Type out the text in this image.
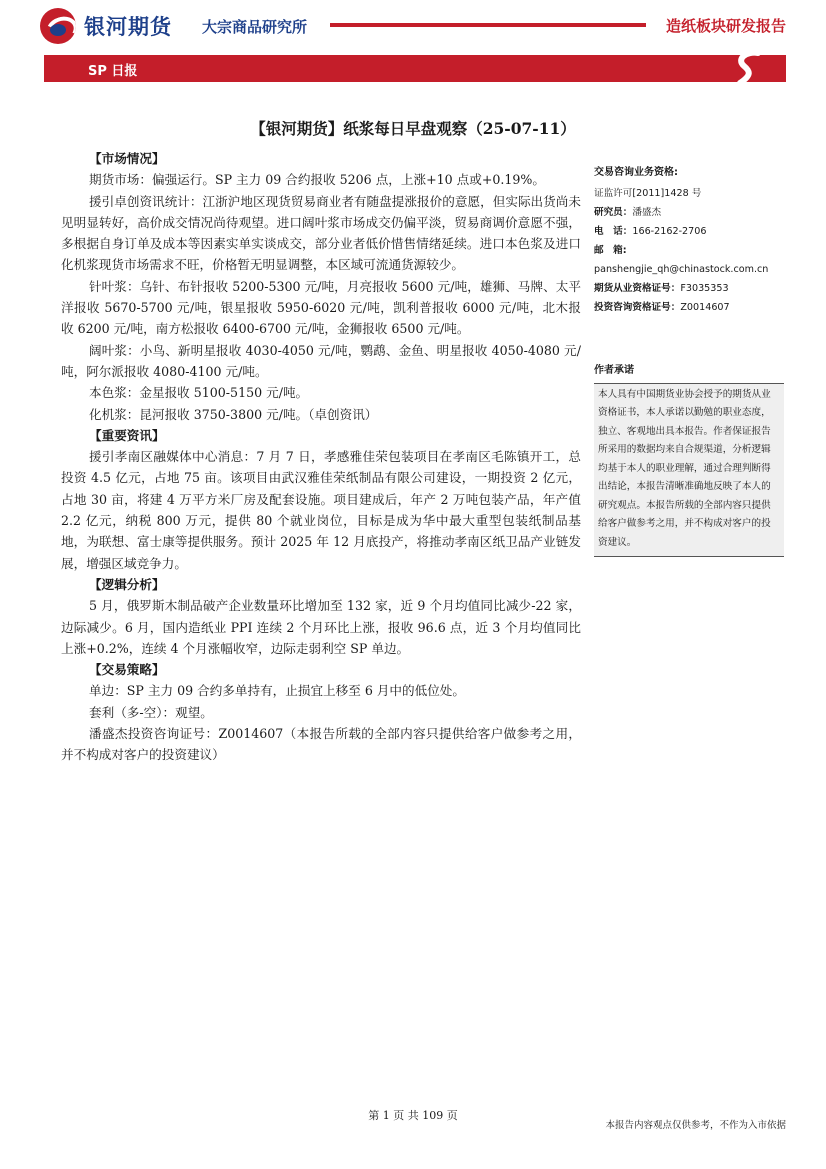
银河期货 大宗商品研究所	造纸板块研发报告
SP 日报
【银河期货】纸浆每日早盘观察（25-07-11）

【市场情况】

期货市场：偏强运行。SP 主力 09 合约报收 5206 点，上涨+10 点或+0.19%。

援引卓创资讯统计：江浙沪地区现货贸易商业者有随盘提涨报价的意愿，但实际出货尚未见明显转好，高价成交情况尚待观望。进口阔叶浆市场成交仍偏平淡，贸易商调价意愿不强，多根据自身订单及成本等因素实单实谈成交，部分业者低价惜售情绪延续。进口本色浆及进口化机浆现货市场需求不旺，价格暂无明显调整，本区域可流通货源较少。

针叶浆：乌针、布针报收 5200-5300 元/吨，月亮报收 5600 元/吨，雄狮、马牌、太平洋报收 5670-5700 元/吨，银星报收 5950-6020 元/吨，凯利普报收 6000 元/吨，北木报收 6200 元/吨，南方松报收 6400-6700 元/吨，金狮报收 6500 元/吨。

阔叶浆：小鸟、新明星报收 4030-4050 元/吨，鹦鹉、金鱼、明星报收 4050-4080 元/吨，阿尔派报收 4080-4100 元/吨。

本色浆：金星报收 5100-5150 元/吨。

化机浆：昆河报收 3750-3800 元/吨。（卓创资讯）

【重要资讯】

援引孝南区融媒体中心消息：7 月 7 日，孝感雅佳荣包装项目在孝南区毛陈镇开工，总投资 4.5 亿元，占地 75 亩。该项目由武汉雅佳荣纸制品有限公司建设，一期投资 2 亿元，占地 30 亩，将建 4 万平方米厂房及配套设施。项目建成后，年产 2 万吨包装产品，年产值 2.2 亿元，纳税 800 万元，提供 80 个就业岗位，目标是成为华中最大重型包装纸制品基地，为联想、富士康等提供服务。预计 2025 年 12 月底投产，将推动孝南区纸卫品产业链发展，增强区域竞争力。

【逻辑分析】

5 月，俄罗斯木制品破产企业数量环比增加至 132 家，近 9 个月均值同比减少-22 家，边际减少。6 月，国内造纸业 PPI 连续 2 个月环比上涨，报收 96.6 点，近 3 个月均值同比上涨+0.2%，连续 4 个月涨幅收窄，边际走弱利空 SP 单边。

【交易策略】

单边：SP 主力 09 合约多单持有，止损宜上移至 6 月中的低位处。

套利（多-空）：观望。

潘盛杰投资咨询证号：Z0014607（本报告所载的全部内容只提供给客户做参考之用，并不构成对客户的投资建议）

交易咨询业务资格:
证监许可[2011]1428 号
研究员：潘盛杰
电　话：166-2162-2706
邮　箱:
panshengjie_qh@chinastock.com.cn
期货从业资格证号：F3035353
投资咨询资格证号：Z0014607
作者承诺
本人具有中国期货业协会授予的期货从业资格证书，本人承诺以勤勉的职业态度，独立、客观地出具本报告。作者保证报告所采用的数据均来自合规渠道，分析逻辑均基于本人的职业理解，通过合理判断得出结论，本报告清晰准确地反映了本人的研究观点。本报告所载的全部内容只提供给客户做参考之用，并不构成对客户的投资建议。
第 1 页 共 109 页
本报告内容观点仅供参考，不作为入市依据
